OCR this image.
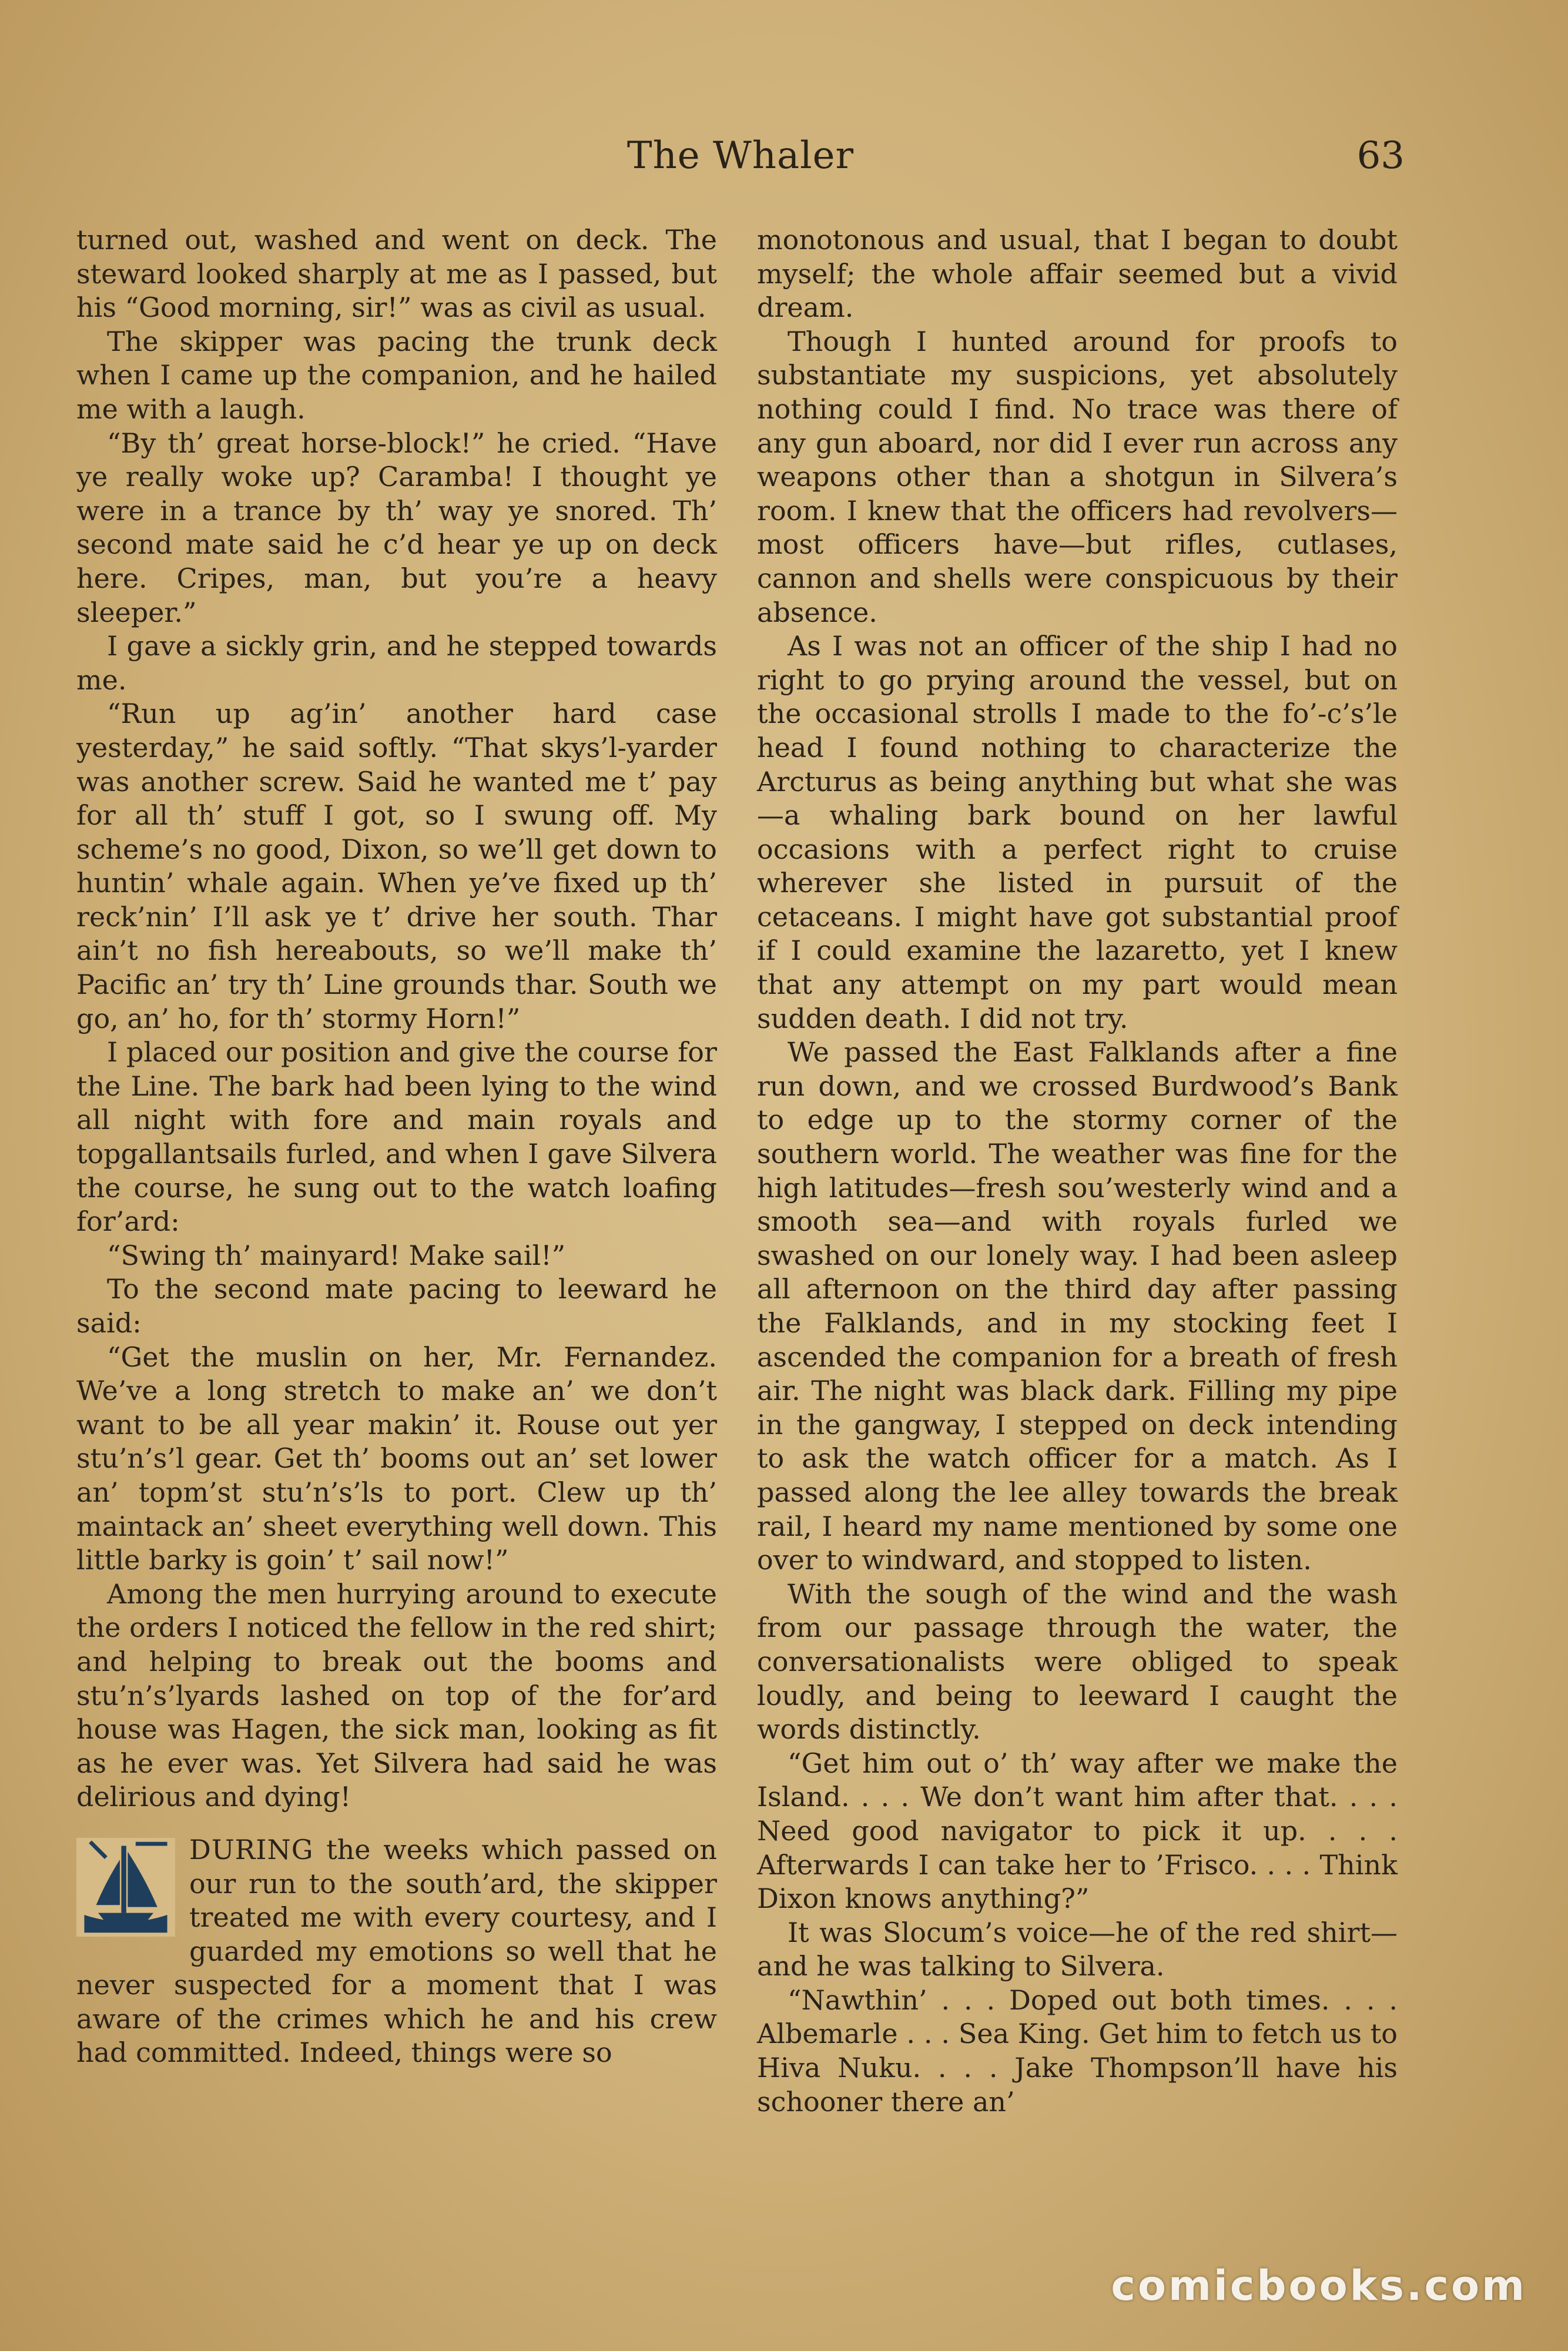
The Whaler	63

turned out, washed and went on deck. The steward looked sharply at me as I passed, but his “Good morning, sir!” was as civil as usual.

The skipper was pacing the trunk deck when I came up the companion, and he hailed me with a laugh.

“By th’ great horse-block!” he cried. “Have ye really woke up? Caramba! I thought ye were in a trance by th’ way ye snored. Th’ second mate said he c’d hear ye up on deck here. Cripes, man, but you’re a heavy sleeper.”

I gave a sickly grin, and he stepped towards me.

“Run up ag’in’ another hard case yesterday,” he said softly. “That skys’l-yarder was another screw. Said he wanted me t’ pay for all th’ stuff I got, so I swung off. My scheme’s no good, Dixon, so we’ll get down to huntin’ whale again. When ye’ve fixed up th’ reck’nin’ I’ll ask ye t’ drive her south. Thar ain’t no fish hereabouts, so we’ll make th’ Pacific an’ try th’ Line grounds thar. South we go, an’ ho, for th’ stormy Horn!”

I placed our position and give the course for the Line. The bark had been lying to the wind all night with fore and main royals and topgallantsails furled, and when I gave Silvera the course, he sung out to the watch loafing for’ard:

“Swing th’ mainyard! Make sail!”

To the second mate pacing to leeward he said:

“Get the muslin on her, Mr. Fernandez. We’ve a long stretch to make an’ we don’t want to be all year makin’ it. Rouse out yer stu’n’s’l gear. Get th’ booms out an’ set lower an’ topm’st stu’n’s’ls to port. Clew up th’ maintack an’ sheet everything well down. This little barky is goin’ t’ sail now!”

Among the men hurrying around to execute the orders I noticed the fellow in the red shirt; and helping to break out the booms and stu’n’s’lyards lashed on top of the for’ard house was Hagen, the sick man, looking as fit as he ever was. Yet Silvera had said he was delirious and dying!

DURING the weeks which passed on our run to the south’ard, the skipper treated me with every courtesy, and I guarded my emotions so well that he never suspected for a moment that I was aware of the crimes which he and his crew had committed. Indeed, things were so

monotonous and usual, that I began to doubt myself; the whole affair seemed but a vivid dream.

Though I hunted around for proofs to substantiate my suspicions, yet absolutely nothing could I find. No trace was there of any gun aboard, nor did I ever run across any weapons other than a shotgun in Silvera’s room. I knew that the officers had revolvers—most officers have—but rifles, cutlases, cannon and shells were conspicuous by their absence.

As I was not an officer of the ship I had no right to go prying around the vessel, but on the occasional strolls I made to the fo’-c’s’le head I found nothing to characterize the Arcturus as being anything but what she was—a whaling bark bound on her lawful occasions with a perfect right to cruise wherever she listed in pursuit of the cetaceans. I might have got substantial proof if I could examine the lazaretto, yet I knew that any attempt on my part would mean sudden death. I did not try.

We passed the East Falklands after a fine run down, and we crossed Burdwood’s Bank to edge up to the stormy corner of the southern world. The weather was fine for the high latitudes—fresh sou’westerly wind and a smooth sea—and with royals furled we swashed on our lonely way. I had been asleep all afternoon on the third day after passing the Falklands, and in my stocking feet I ascended the companion for a breath of fresh air. The night was black dark. Filling my pipe in the gangway, I stepped on deck intending to ask the watch officer for a match. As I passed along the lee alley towards the break rail, I heard my name mentioned by some one over to windward, and stopped to listen.

With the sough of the wind and the wash from our passage through the water, the conversationalists were obliged to speak loudly, and being to leeward I caught the words distinctly.

“Get him out o’ th’ way after we make the Island. . . . We don’t want him after that. . . . Need good navigator to pick it up. . . . Afterwards I can take her to ’Frisco. . . . Think Dixon knows anything?”

It was Slocum’s voice—he of the red shirt—and he was talking to Silvera.

“Nawthin’ . . . Doped out both times. . . . Albemarle . . . Sea King. Get him to fetch us to Hiva Nuku. . . . Jake Thompson’ll have his schooner there an’

comicbooks.com
